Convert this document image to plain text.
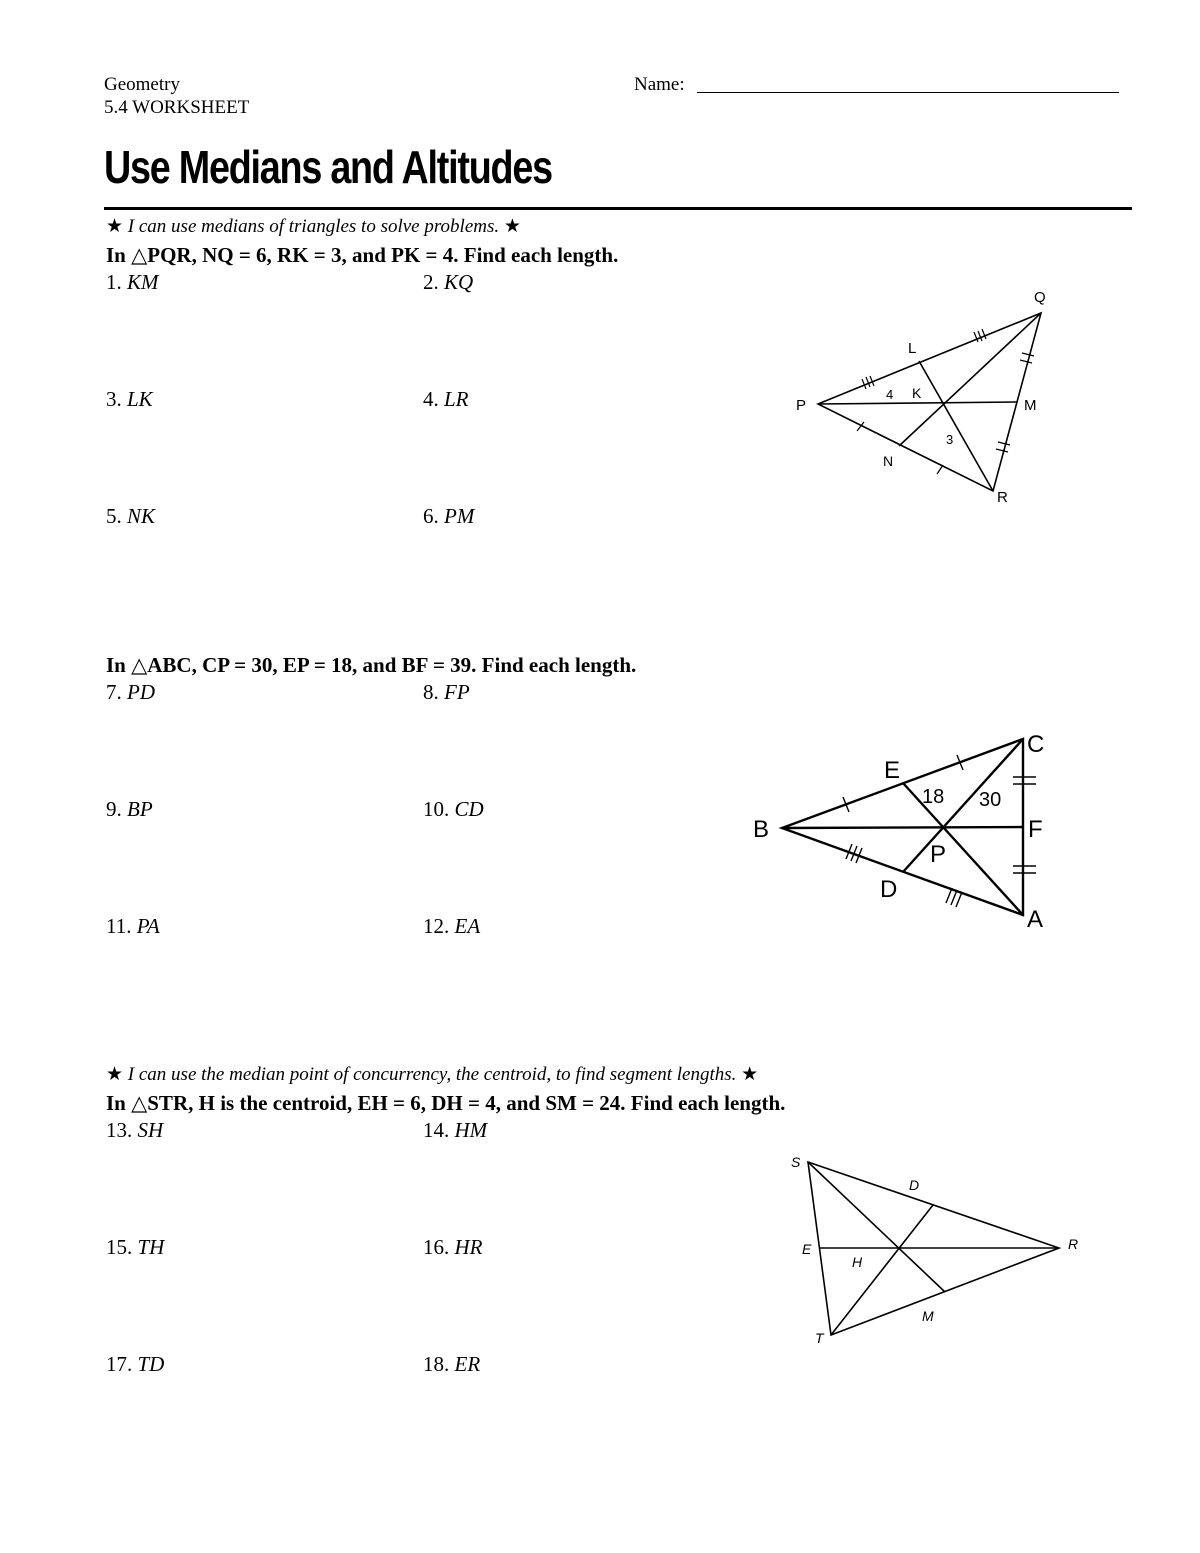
Geometry
5.4 WORKSHEET
Name:
Use Medians and Altitudes
★ I can use medians of triangles to solve problems. ★
In △PQR, NQ = 6, RK = 3, and PK = 4. Find each length.
1. KM	2. KQ
3. LK	4. LR
5. NK	6. PM
Q
L
P
K
M
N
R
4
3
In △ABC, CP = 30, EP = 18, and BF = 39. Find each length.
7. PD	8. FP
9. BP	10. CD
11. PA	12. EA
C
E
B	F
P
D
A
18 30
★ I can use the median point of concurrency, the centroid, to find segment lengths. ★
In △STR, H is the centroid, EH = 6, DH = 4, and SM = 24. Find each length.
13. SH	14. HM
15. TH	16. HR
17. TD	18. ER
S
D
E
H
R
M
T
